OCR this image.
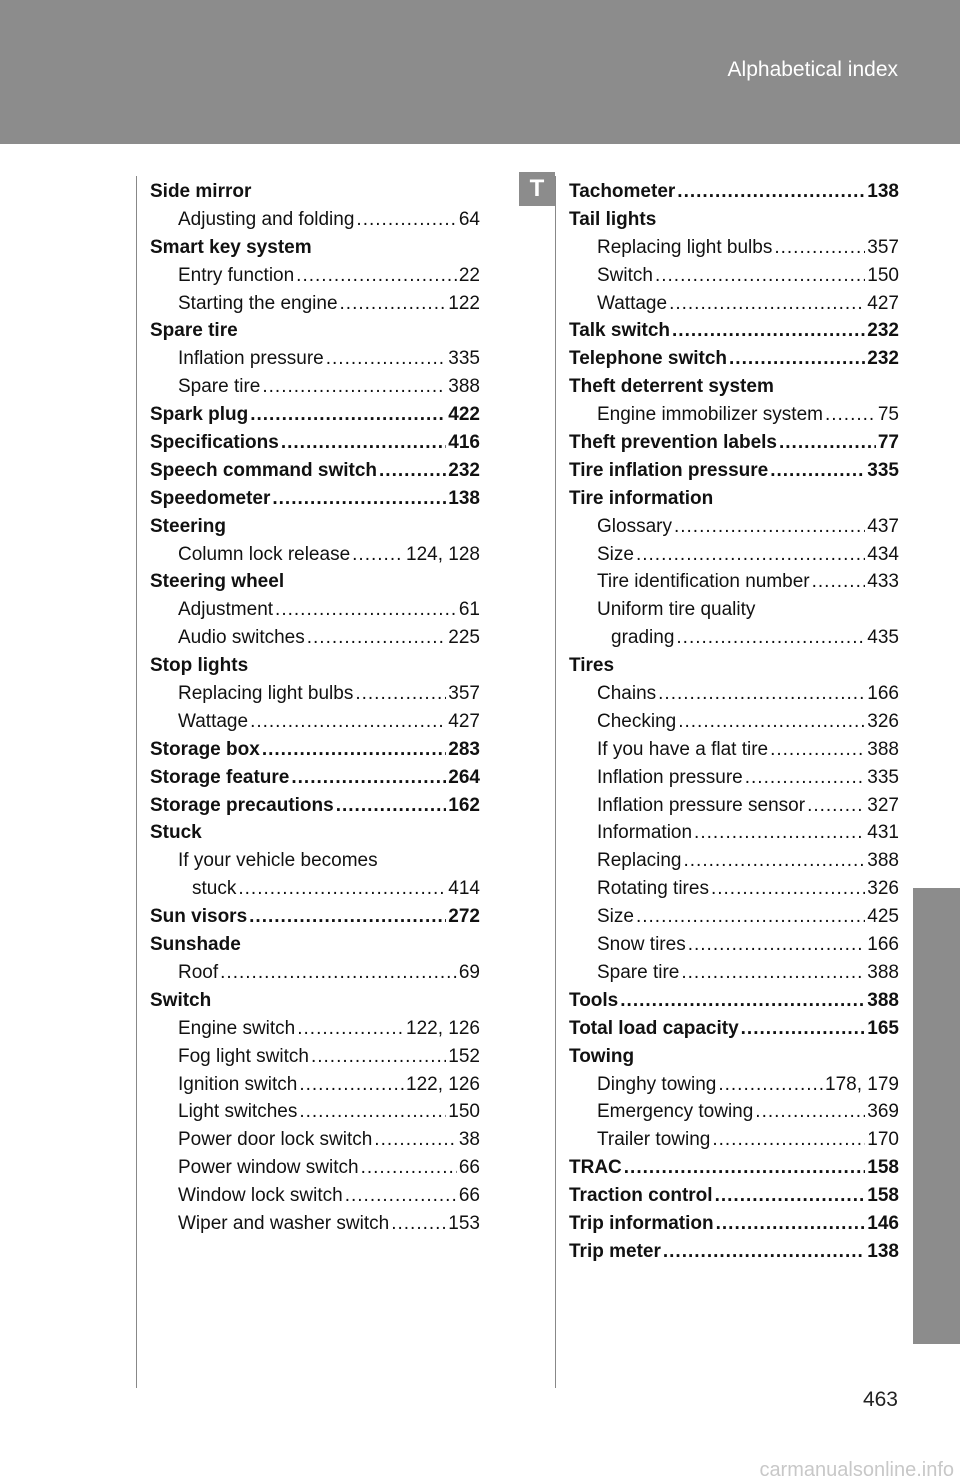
Alphabetical index
T
Side mirror
Adjusting and folding .....	64
Smart key system
Entry function .....	22
Starting the engine .....	122
Spare tire
Inflation pressure .....	335
Spare tire .....	388
Spark plug .....	422
Specifications .....	416
Speech command switch .....	232
Speedometer .....	138
Steering
Column lock release .....	124, 128
Steering wheel
Adjustment .....	61
Audio switches .....	225
Stop lights
Replacing light bulbs .....	357
Wattage .....	427
Storage box .....	283
Storage feature .....	264
Storage precautions .....	162
Stuck
If your vehicle becomes
stuck .....	414
Sun visors .....	272
Sunshade
Roof .....	69
Switch
Engine switch .....	122, 126
Fog light switch .....	152
Ignition switch .....	122, 126
Light switches .....	150
Power door lock switch .....	38
Power window switch .....	66
Window lock switch .....	66
Wiper and washer switch .....	153
Tachometer .....	138
Tail lights
Replacing light bulbs .....	357
Switch .....	150
Wattage .....	427
Talk switch .....	232
Telephone switch .....	232
Theft deterrent system
Engine immobilizer system .....	75
Theft prevention labels .....	77
Tire inflation pressure .....	335
Tire information
Glossary .....	437
Size .....	434
Tire identification number .....	433
Uniform tire quality
grading .....	435
Tires
Chains .....	166
Checking .....	326
If you have a flat tire .....	388
Inflation pressure .....	335
Inflation pressure sensor .....	327
Information .....	431
Replacing .....	388
Rotating tires .....	326
Size .....	425
Snow tires .....	166
Spare tire .....	388
Tools .....	388
Total load capacity .....	165
Towing
Dinghy towing .....	178, 179
Emergency towing .....	369
Trailer towing .....	170
TRAC .....	158
Traction control .....	158
Trip information .....	146
Trip meter .....	138
463
carmanualsonline.info
